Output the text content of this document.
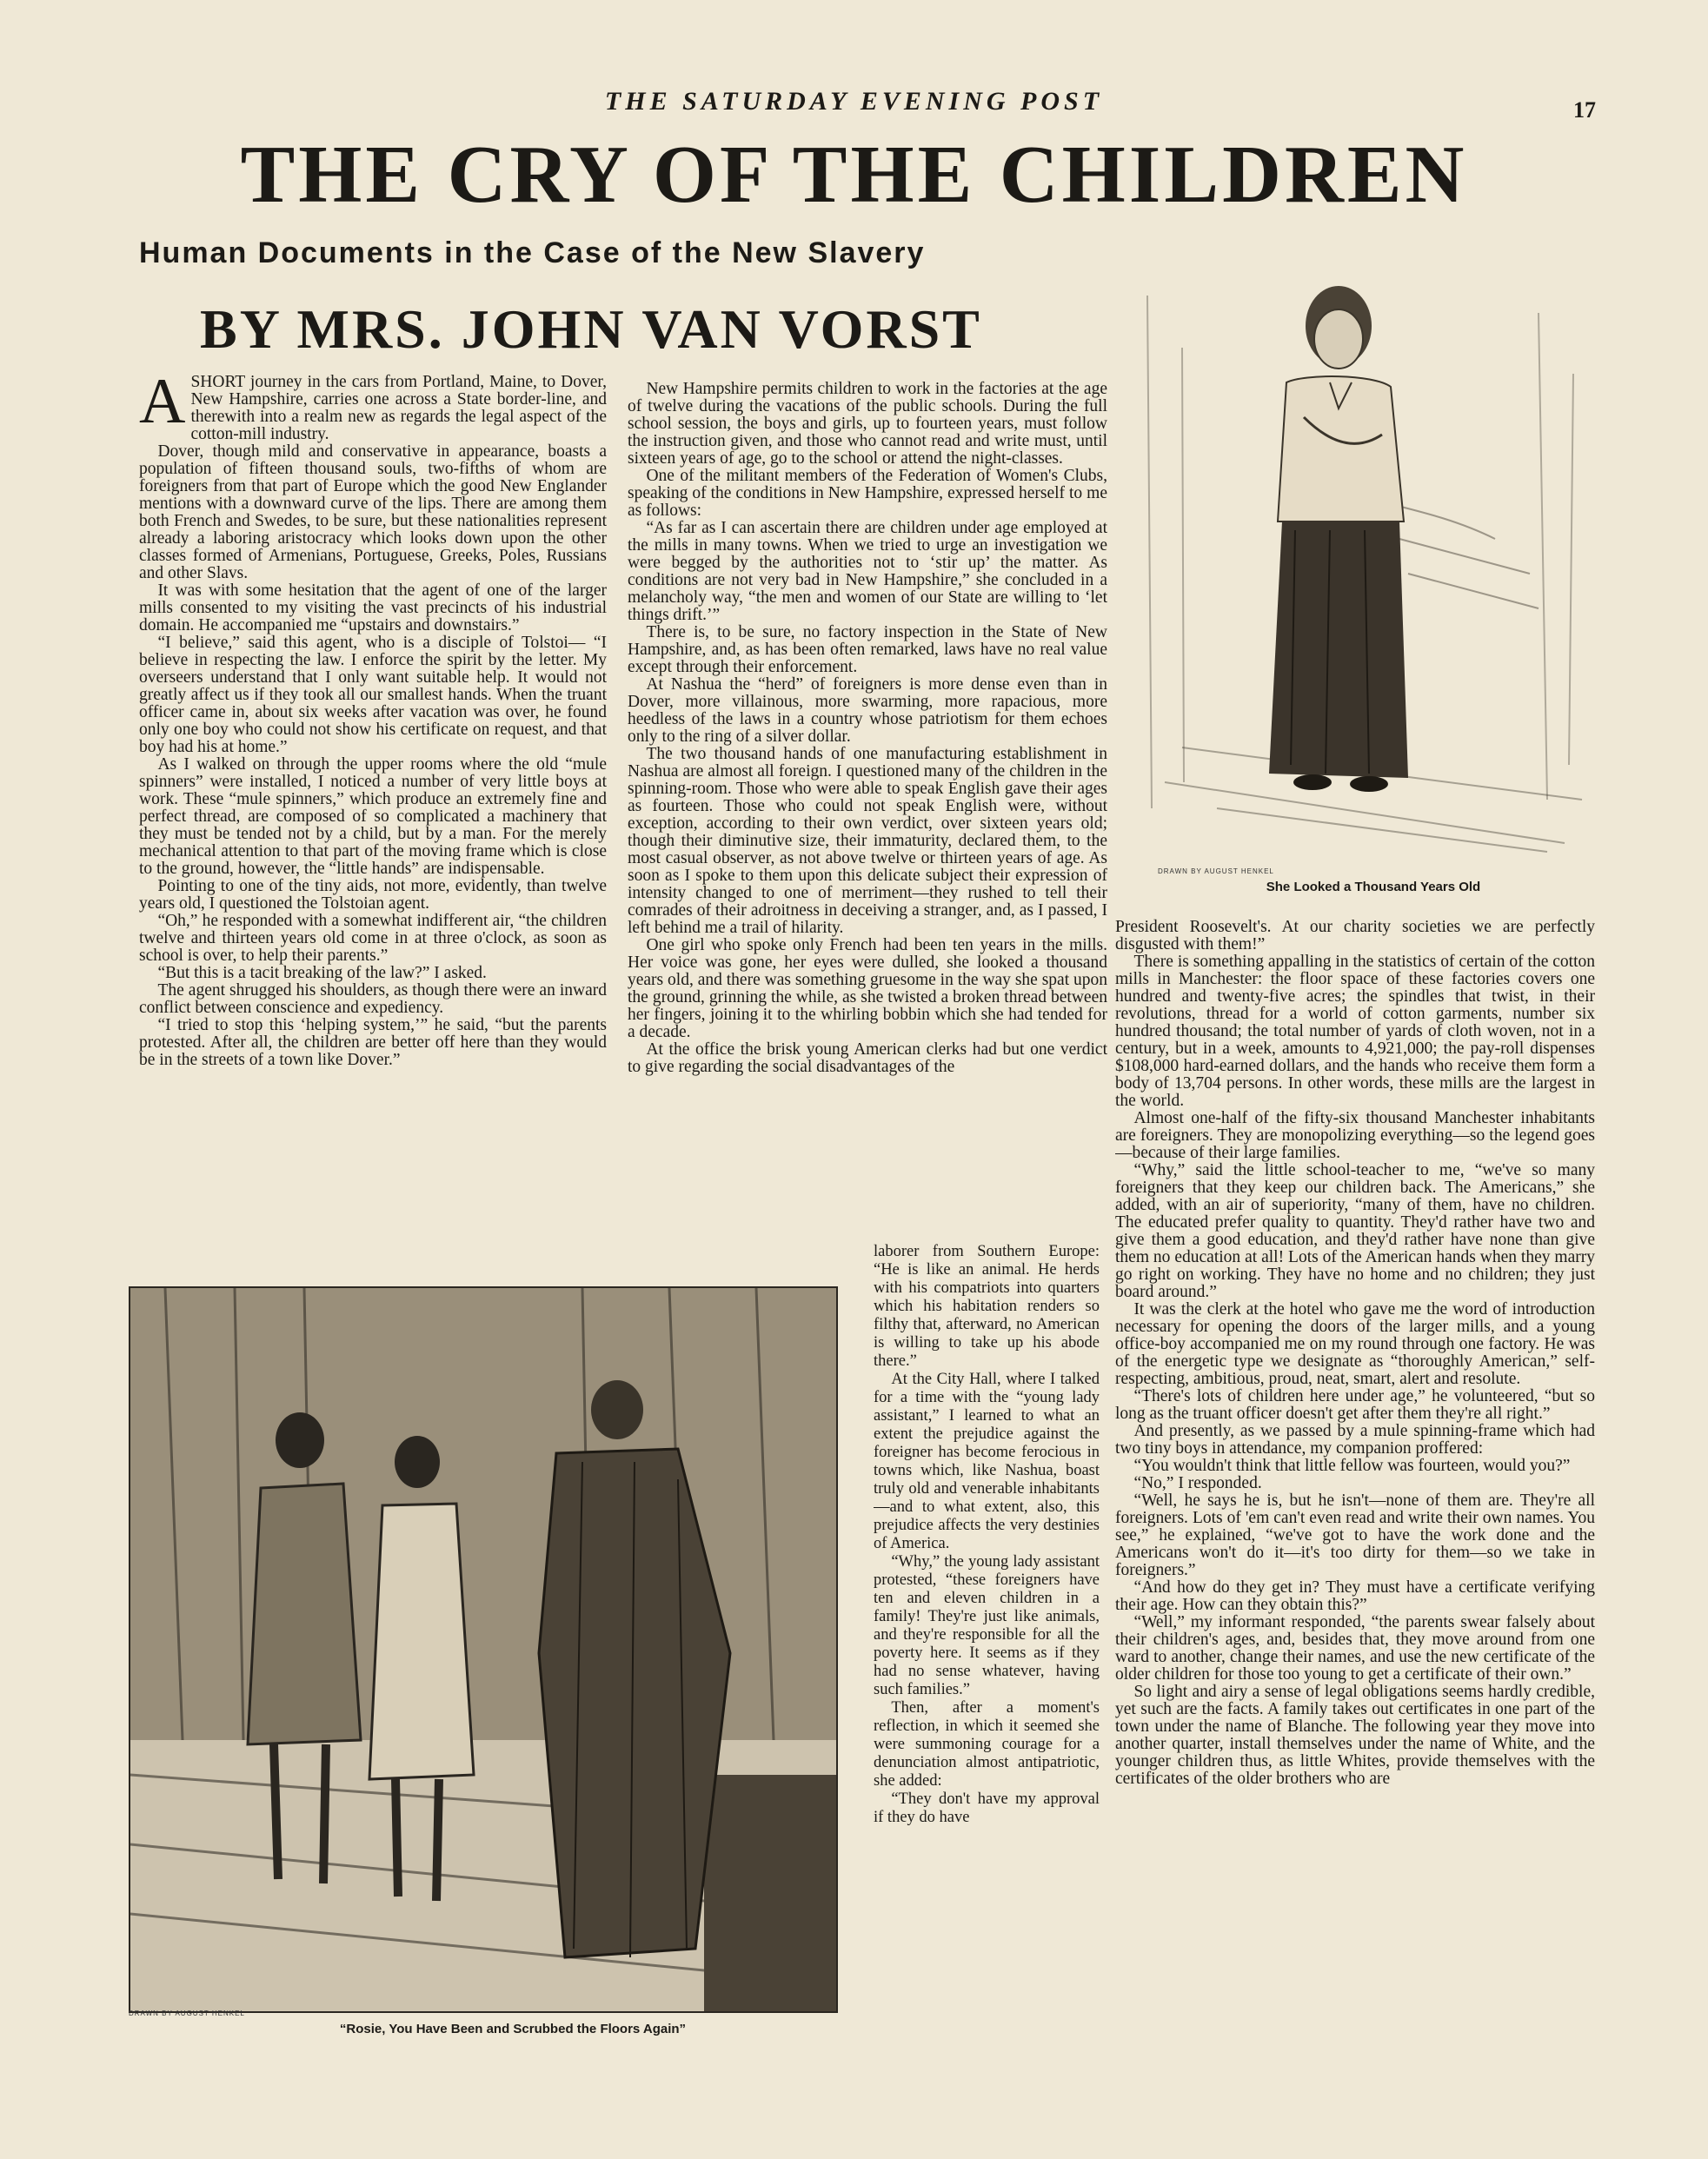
THE SATURDAY EVENING POST	17
THE CRY OF THE CHILDREN
Human Documents in the Case of the New Slavery
BY MRS. JOHN VAN VORST

ASHORT journey in the cars from Portland, Maine, to Dover, New Hampshire, carries one across a State border-line, and therewith into a realm new as regards the legal aspect of the cotton-mill industry.

Dover, though mild and conservative in appearance, boasts a population of fifteen thousand souls, two-fifths of whom are foreigners from that part of Europe which the good New Englander mentions with a downward curve of the lips. There are among them both French and Swedes, to be sure, but these nationalities represent already a laboring aristocracy which looks down upon the other classes formed of Armenians, Portuguese, Greeks, Poles, Russians and other Slavs.

It was with some hesitation that the agent of one of the larger mills consented to my visiting the vast precincts of his industrial domain. He accompanied me “upstairs and downstairs.”

“I believe,” said this agent, who is a disciple of Tolstoi— “I believe in respecting the law. I enforce the spirit by the letter. My overseers understand that I only want suitable help. It would not greatly affect us if they took all our smallest hands. When the truant officer came in, about six weeks after vacation was over, he found only one boy who could not show his certificate on request, and that boy had his at home.”

As I walked on through the upper rooms where the old “mule spinners” were installed, I noticed a number of very little boys at work. These “mule spinners,” which produce an extremely fine and perfect thread, are composed of so complicated a machinery that they must be tended not by a child, but by a man. For the merely mechanical attention to that part of the moving frame which is close to the ground, however, the “little hands” are indispensable.

Pointing to one of the tiny aids, not more, evidently, than twelve years old, I questioned the Tolstoian agent.

“Oh,” he responded with a somewhat indifferent air, “the children twelve and thirteen years old come in at three o'clock, as soon as school is over, to help their parents.”

“But this is a tacit breaking of the law?” I asked.

The agent shrugged his shoulders, as though there were an inward conflict between conscience and expediency.

“I tried to stop this ‘helping system,’” he said, “but the parents protested. After all, the children are better off here than they would be in the streets of a town like Dover.”

New Hampshire permits children to work in the factories at the age of twelve during the vacations of the public schools. During the full school session, the boys and girls, up to fourteen years, must follow the instruction given, and those who cannot read and write must, until sixteen years of age, go to the school or attend the night-classes.

One of the militant members of the Federation of Women's Clubs, speaking of the conditions in New Hampshire, expressed herself to me as follows:

“As far as I can ascertain there are children under age employed at the mills in many towns. When we tried to urge an investigation we were begged by the authorities not to ‘stir up’ the matter. As conditions are not very bad in New Hampshire,” she concluded in a melancholy way, “the men and women of our State are willing to ‘let things drift.’”

There is, to be sure, no factory inspection in the State of New Hampshire, and, as has been often remarked, laws have no real value except through their enforcement.

At Nashua the “herd” of foreigners is more dense even than in Dover, more villainous, more swarming, more rapacious, more heedless of the laws in a country whose patriotism for them echoes only to the ring of a silver dollar.

The two thousand hands of one manufacturing establishment in Nashua are almost all foreign. I questioned many of the children in the spinning-room. Those who were able to speak English gave their ages as fourteen. Those who could not speak English were, without exception, according to their own verdict, over sixteen years old; though their diminutive size, their immaturity, declared them, to the most casual observer, as not above twelve or thirteen years of age. As soon as I spoke to them upon this delicate subject their expression of intensity changed to one of merriment—they rushed to tell their comrades of their adroitness in deceiving a stranger, and, as I passed, I left behind me a trail of hilarity.

One girl who spoke only French had been ten years in the mills. Her voice was gone, her eyes were dulled, she looked a thousand years old, and there was something gruesome in the way she spat upon the ground, grinning the while, as she twisted a broken thread between her fingers, joining it to the whirling bobbin which she had tended for a decade.

At the office the brisk young American clerks had but one verdict to give regarding the social disadvantages of the

laborer from Southern Europe: “He is like an animal. He herds with his compatriots into quarters which his habitation renders so filthy that, afterward, no American is willing to take up his abode there.”

At the City Hall, where I talked for a time with the “young lady assistant,” I learned to what an extent the prejudice against the foreigner has become ferocious in towns which, like Nashua, boast truly old and venerable inhabitants—and to what extent, also, this prejudice affects the very destinies of America.

“Why,” the young lady assistant protested, “these foreigners have ten and eleven children in a family! They're just like animals, and they're responsible for all the poverty here. It seems as if they had no sense whatever, having such families.”

Then, after a moment's reflection, in which it seemed she were summoning courage for a denunciation almost antipatriotic, she added:

“They don't have my approval if they do have

President Roosevelt's. At our charity societies we are perfectly disgusted with them!”

There is something appalling in the statistics of certain of the cotton mills in Manchester: the floor space of these factories covers one hundred and twenty-five acres; the spindles that twist, in their revolutions, thread for a world of cotton garments, number six hundred thousand; the total number of yards of cloth woven, not in a century, but in a week, amounts to 4,921,000; the pay-roll dispenses $108,000 hard-earned dollars, and the hands who receive them form a body of 13,704 persons. In other words, these mills are the largest in the world.

Almost one-half of the fifty-six thousand Manchester inhabitants are foreigners. They are monopolizing everything—so the legend goes—because of their large families.

“Why,” said the little school-teacher to me, “we've so many foreigners that they keep our children back. The Americans,” she added, with an air of superiority, “many of them, have no children. The educated prefer quality to quantity. They'd rather have two and give them a good education, and they'd rather have none than give them no education at all! Lots of the American hands when they marry go right on working. They have no home and no children; they just board around.”

It was the clerk at the hotel who gave me the word of introduction necessary for opening the doors of the larger mills, and a young office-boy accompanied me on my round through one factory. He was of the energetic type we designate as “thoroughly American,” self-respecting, ambitious, proud, neat, smart, alert and resolute.

“There's lots of children here under age,” he volunteered, “but so long as the truant officer doesn't get after them they're all right.”

And presently, as we passed by a mule spinning-frame which had two tiny boys in attendance, my companion proffered:

“You wouldn't think that little fellow was fourteen, would you?”

“No,” I responded.

“Well, he says he is, but he isn't—none of them are. They're all foreigners. Lots of 'em can't even read and write their own names. You see,” he explained, “we've got to have the work done and the Americans won't do it—it's too dirty for them—so we take in foreigners.”

“And how do they get in? They must have a certificate verifying their age. How can they obtain this?”

“Well,” my informant responded, “the parents swear falsely about their children's ages, and, besides that, they move around from one ward to another, change their names, and use the new certificate of the older children for those too young to get a certificate of their own.”

So light and airy a sense of legal obligations seems hardly credible, yet such are the facts. A family takes out certificates in one part of the town under the name of Blanche. The following year they move into another quarter, install themselves under the name of White, and the younger children thus, as little Whites, provide themselves with the certificates of the older brothers who are

DRAWN BY AUGUST HENKEL
She Looked a Thousand Years Old
DRAWN BY AUGUST HENKEL
“Rosie, You Have Been and Scrubbed the Floors Again”
